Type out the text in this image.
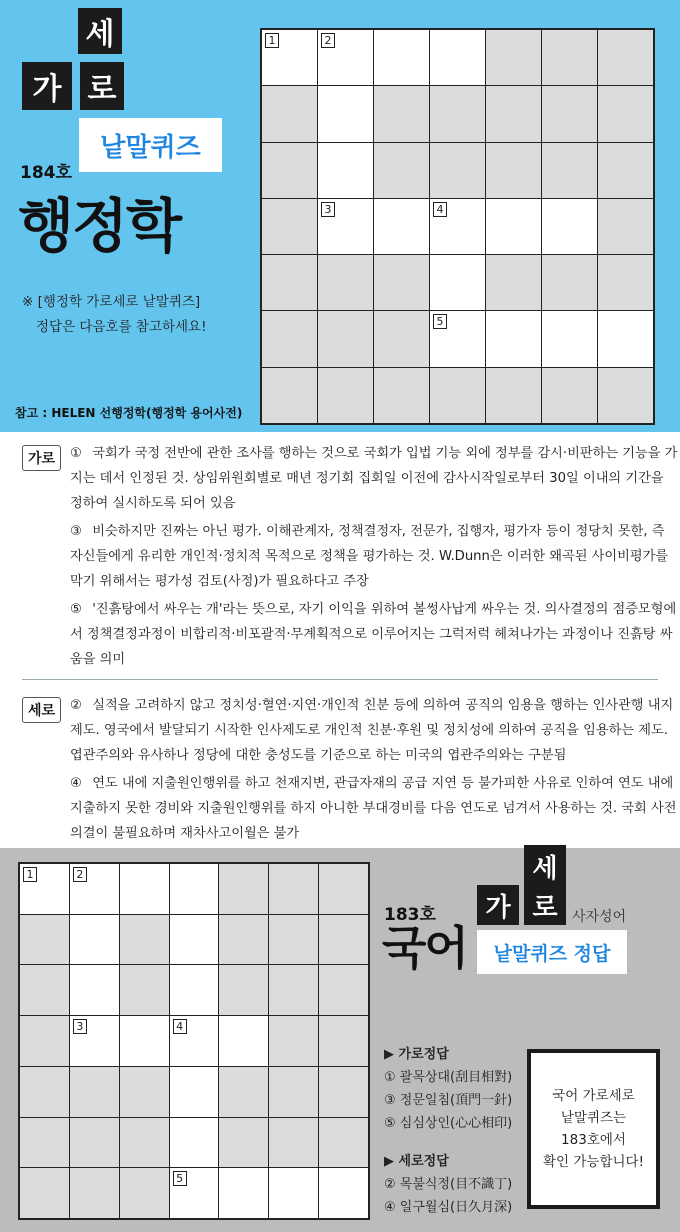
세
가 로
낱말퀴즈
184호
행정학
※ [행정학 가로세로 낱말퀴즈]
정답은 다음호를 참고하세요!
참고 : HELEN 선행정학(행정학 용어사전)
1	2
3	4
5
가로	① 국회가 국정 전반에 관한 조사를 행하는 것으로 국회가 입법 기능 외에 정부를 감시·비판하는 기능을 가지는 데서 인정된 것. 상임위원회별로 매년 정기회 집회일 이전에 감사시작일로부터 30일 이내의 기간을 정하여 실시하도록 되어 있음
③ 비슷하지만 진짜는 아닌 평가. 이해관계자, 정책결정자, 전문가, 집행자, 평가자 등이 정당치 못한, 즉 자신들에게 유리한 개인적·정치적 목적으로 정책을 평가하는 것. W.Dunn은 이러한 왜곡된 사이비평가를 막기 위해서는 평가성 검토(사정)가 필요하다고 주장
⑤ '진흙탕에서 싸우는 개'라는 뜻으로, 자기 이익을 위하여 볼썽사납게 싸우는 것. 의사결정의 점증모형에서 정책결정과정이 비합리적·비포괄적·무계획적으로 이루어지는 그럭저럭 헤쳐나가는 과정이나 진흙탕 싸움을 의미
세로	② 실적을 고려하지 않고 정치성·혈연·지연·개인적 친분 등에 의하여 공직의 임용을 행하는 인사관행 내지 제도. 영국에서 발달되기 시작한 인사제도로 개인적 친분·후원 및 정치성에 의하여 공직을 임용하는 제도. 엽관주의와 유사하나 정당에 대한 충성도를 기준으로 하는 미국의 엽관주의와는 구분됨
④ 연도 내에 지출원인행위를 하고 천재지변, 관급자재의 공급 지연 등 불가피한 사유로 인하여 연도 내에 지출하지 못한 경비와 지출원인행위를 하지 아니한 부대경비를 다음 연도로 넘겨서 사용하는 것. 국회 사전의결이 불필요하며 재차사고이월은 불가
1	2
3	4
5
세
가 로	사자성어
183호
국어	낱말퀴즈 정답
▶ 가로정답
① 괄목상대(刮目相對)
③ 정문일침(頂門一針)
⑤ 심심상인(心心相印)
▶ 세로정답
② 목불식정(目不識丁)
④ 일구월심(日久月深)
국어 가로세로
낱말퀴즈는
183호에서
확인 가능합니다!
